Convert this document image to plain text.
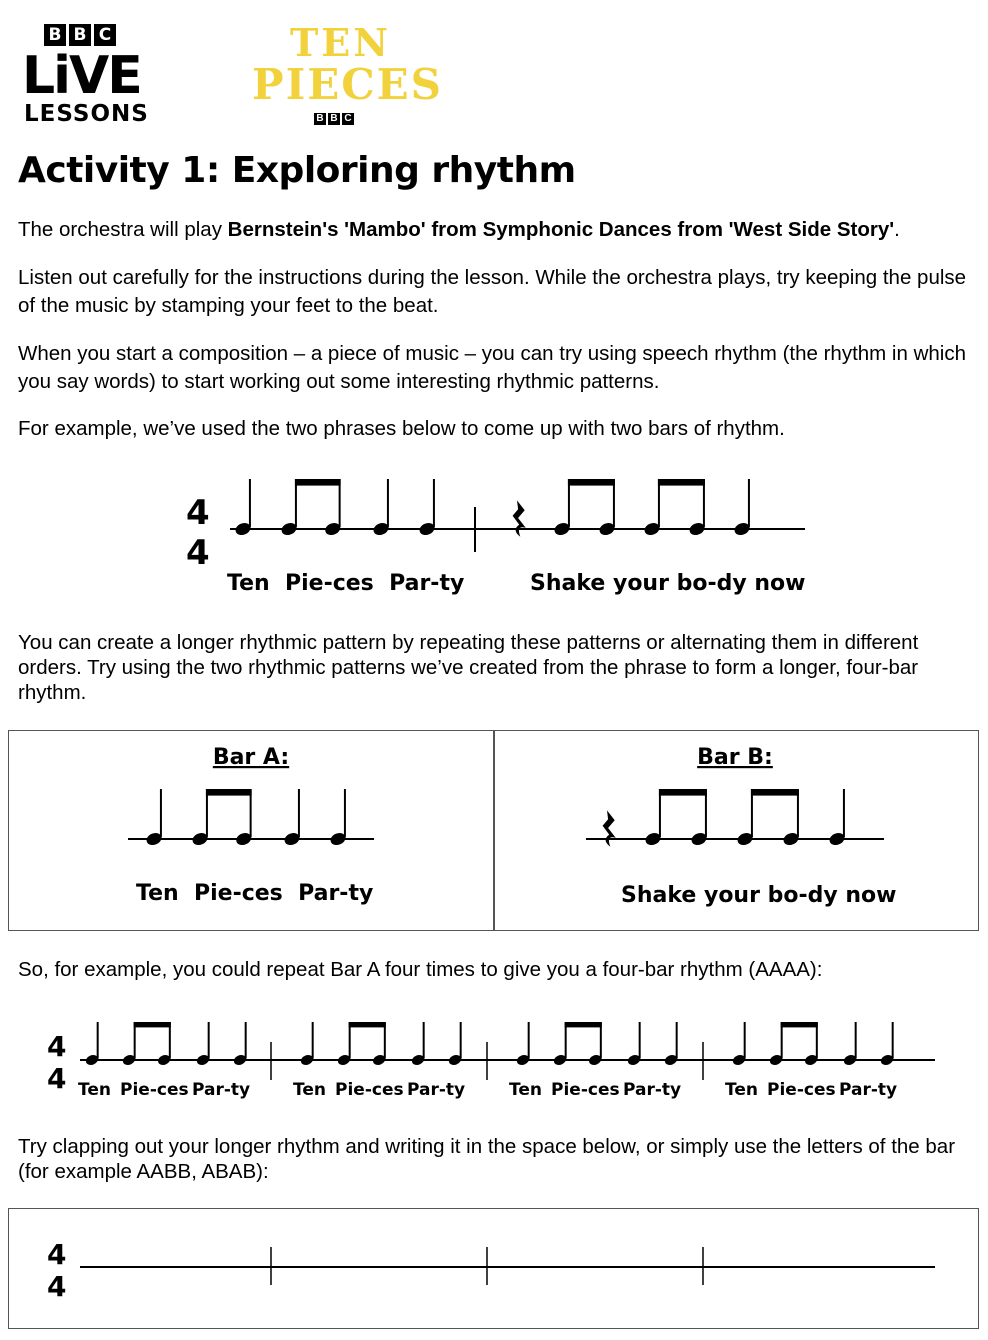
B B C
LiVE
LESSONS
TEN
PIECES
B B C
Activity 1: Exploring rhythm

The orchestra will play Bernstein's 'Mambo' from Symphonic Dances from 'West Side Story'.

Listen out carefully for the instructions during the lesson. While the orchestra plays, try keeping the pulse of the music by stamping your feet to the beat.

When you start a composition – a piece of music – you can try using speech rhythm (the rhythm in which you say words) to start working out some interesting rhythmic patterns.

For example, we’ve used the two phrases below to come up with two bars of rhythm.

4
4
Ten  Pie-ces  Par-ty	Shake your bo-dy now

You can create a longer rhythmic pattern by repeating these patterns or alternating them in different orders. Try using the two rhythmic patterns we’ve created from the phrase to form a longer, four-bar rhythm.

Bar A:	Bar B:
Ten  Pie-ces  Par-ty	Shake your bo-dy now

So, for example, you could repeat Bar A four times to give you a four-bar rhythm (AAAA):

4
4 Ten Pie-ces Par-ty	Ten Pie-ces Par-ty	Ten Pie-ces Par-ty	Ten Pie-ces Par-ty

Try clapping out your longer rhythm and writing it in the space below, or simply use the letters of the bar (for example AABB, ABAB):

4
4
